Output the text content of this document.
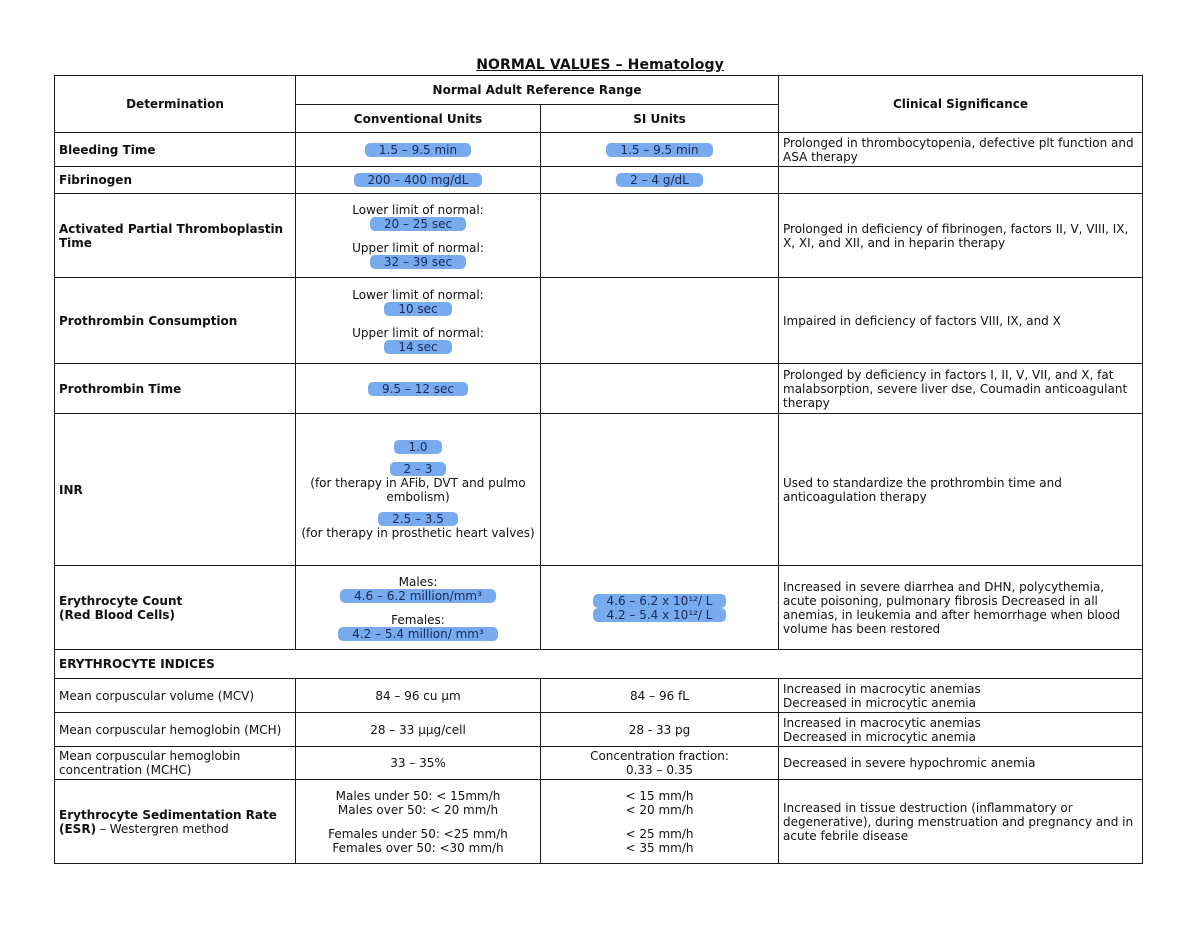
NORMAL VALUES – Hematology
Determination	Normal Adult Reference Range		Clinical Significance
	Conventional Units	SI Units	
Bleeding Time	1.5 – 9.5 min	1.5 – 9.5 min	Prolonged in thrombocytopenia, defective plt function and ASA therapy
Fibrinogen	200 – 400 mg/dL	2 – 4 g/dL	
Activated Partial Thromboplastin Time	Lower limit of normal:
20 – 25 sec
Upper limit of normal:
32 – 39 sec		Prolonged in deficiency of fibrinogen, factors II, V, VIII, IX, X, XI, and XII, and in heparin therapy
Prothrombin Consumption	Lower limit of normal:
10 sec
Upper limit of normal:
14 sec		Impaired in deficiency of factors VIII, IX, and X
Prothrombin Time	9.5 – 12 sec		Prolonged by deficiency in factors I, II, V, VII, and X, fat malabsorption, severe liver dse, Coumadin anticoagulant therapy
INR	1.0
2 – 3
(for therapy in AFib, DVT and pulmo embolism)
2.5 – 3.5
(for therapy in prosthetic heart valves)		Used to standardize the prothrombin time and anticoagulation therapy

Erythrocyte Count
(Red Blood Cells)	Males:
4.6 – 6.2 million/mm³
Females:
4.2 – 5.4 million/ mm³	4.6 – 6.2 x 10¹²/ L
4.2 – 5.4 x 10¹²/ L	Increased in severe diarrhea and DHN, polycythemia, acute poisoning, pulmonary fibrosis Decreased in all anemias, in leukemia and after hemorrhage when blood volume has been restored
ERYTHROCYTE INDICES			
Mean corpuscular volume (MCV)	84 – 96 cu µm	84 – 96 fL	Increased in macrocytic anemias
Decreased in microcytic anemia

Mean corpuscular hemoglobin (MCH)	28 – 33 µµg/cell	28 - 33 pg	Increased in macrocytic anemias
Decreased in microcytic anemia

Mean corpuscular hemoglobin concentration (MCHC)	33 – 35%	Concentration fraction:
0.33 – 0.35	Decreased in severe hypochromic anemia
Erythrocyte Sedimentation Rate (ESR) – Westergren method	Males under 50: < 15mm/h
Males over 50: < 20 mm/h
Females under 50: <25 mm/h
Females over 50: <30 mm/h	< 15 mm/h
< 20 mm/h
< 25 mm/h
< 35 mm/h	Increased in tissue destruction (inflammatory or degenerative), during menstruation and pregnancy and in acute febrile disease
